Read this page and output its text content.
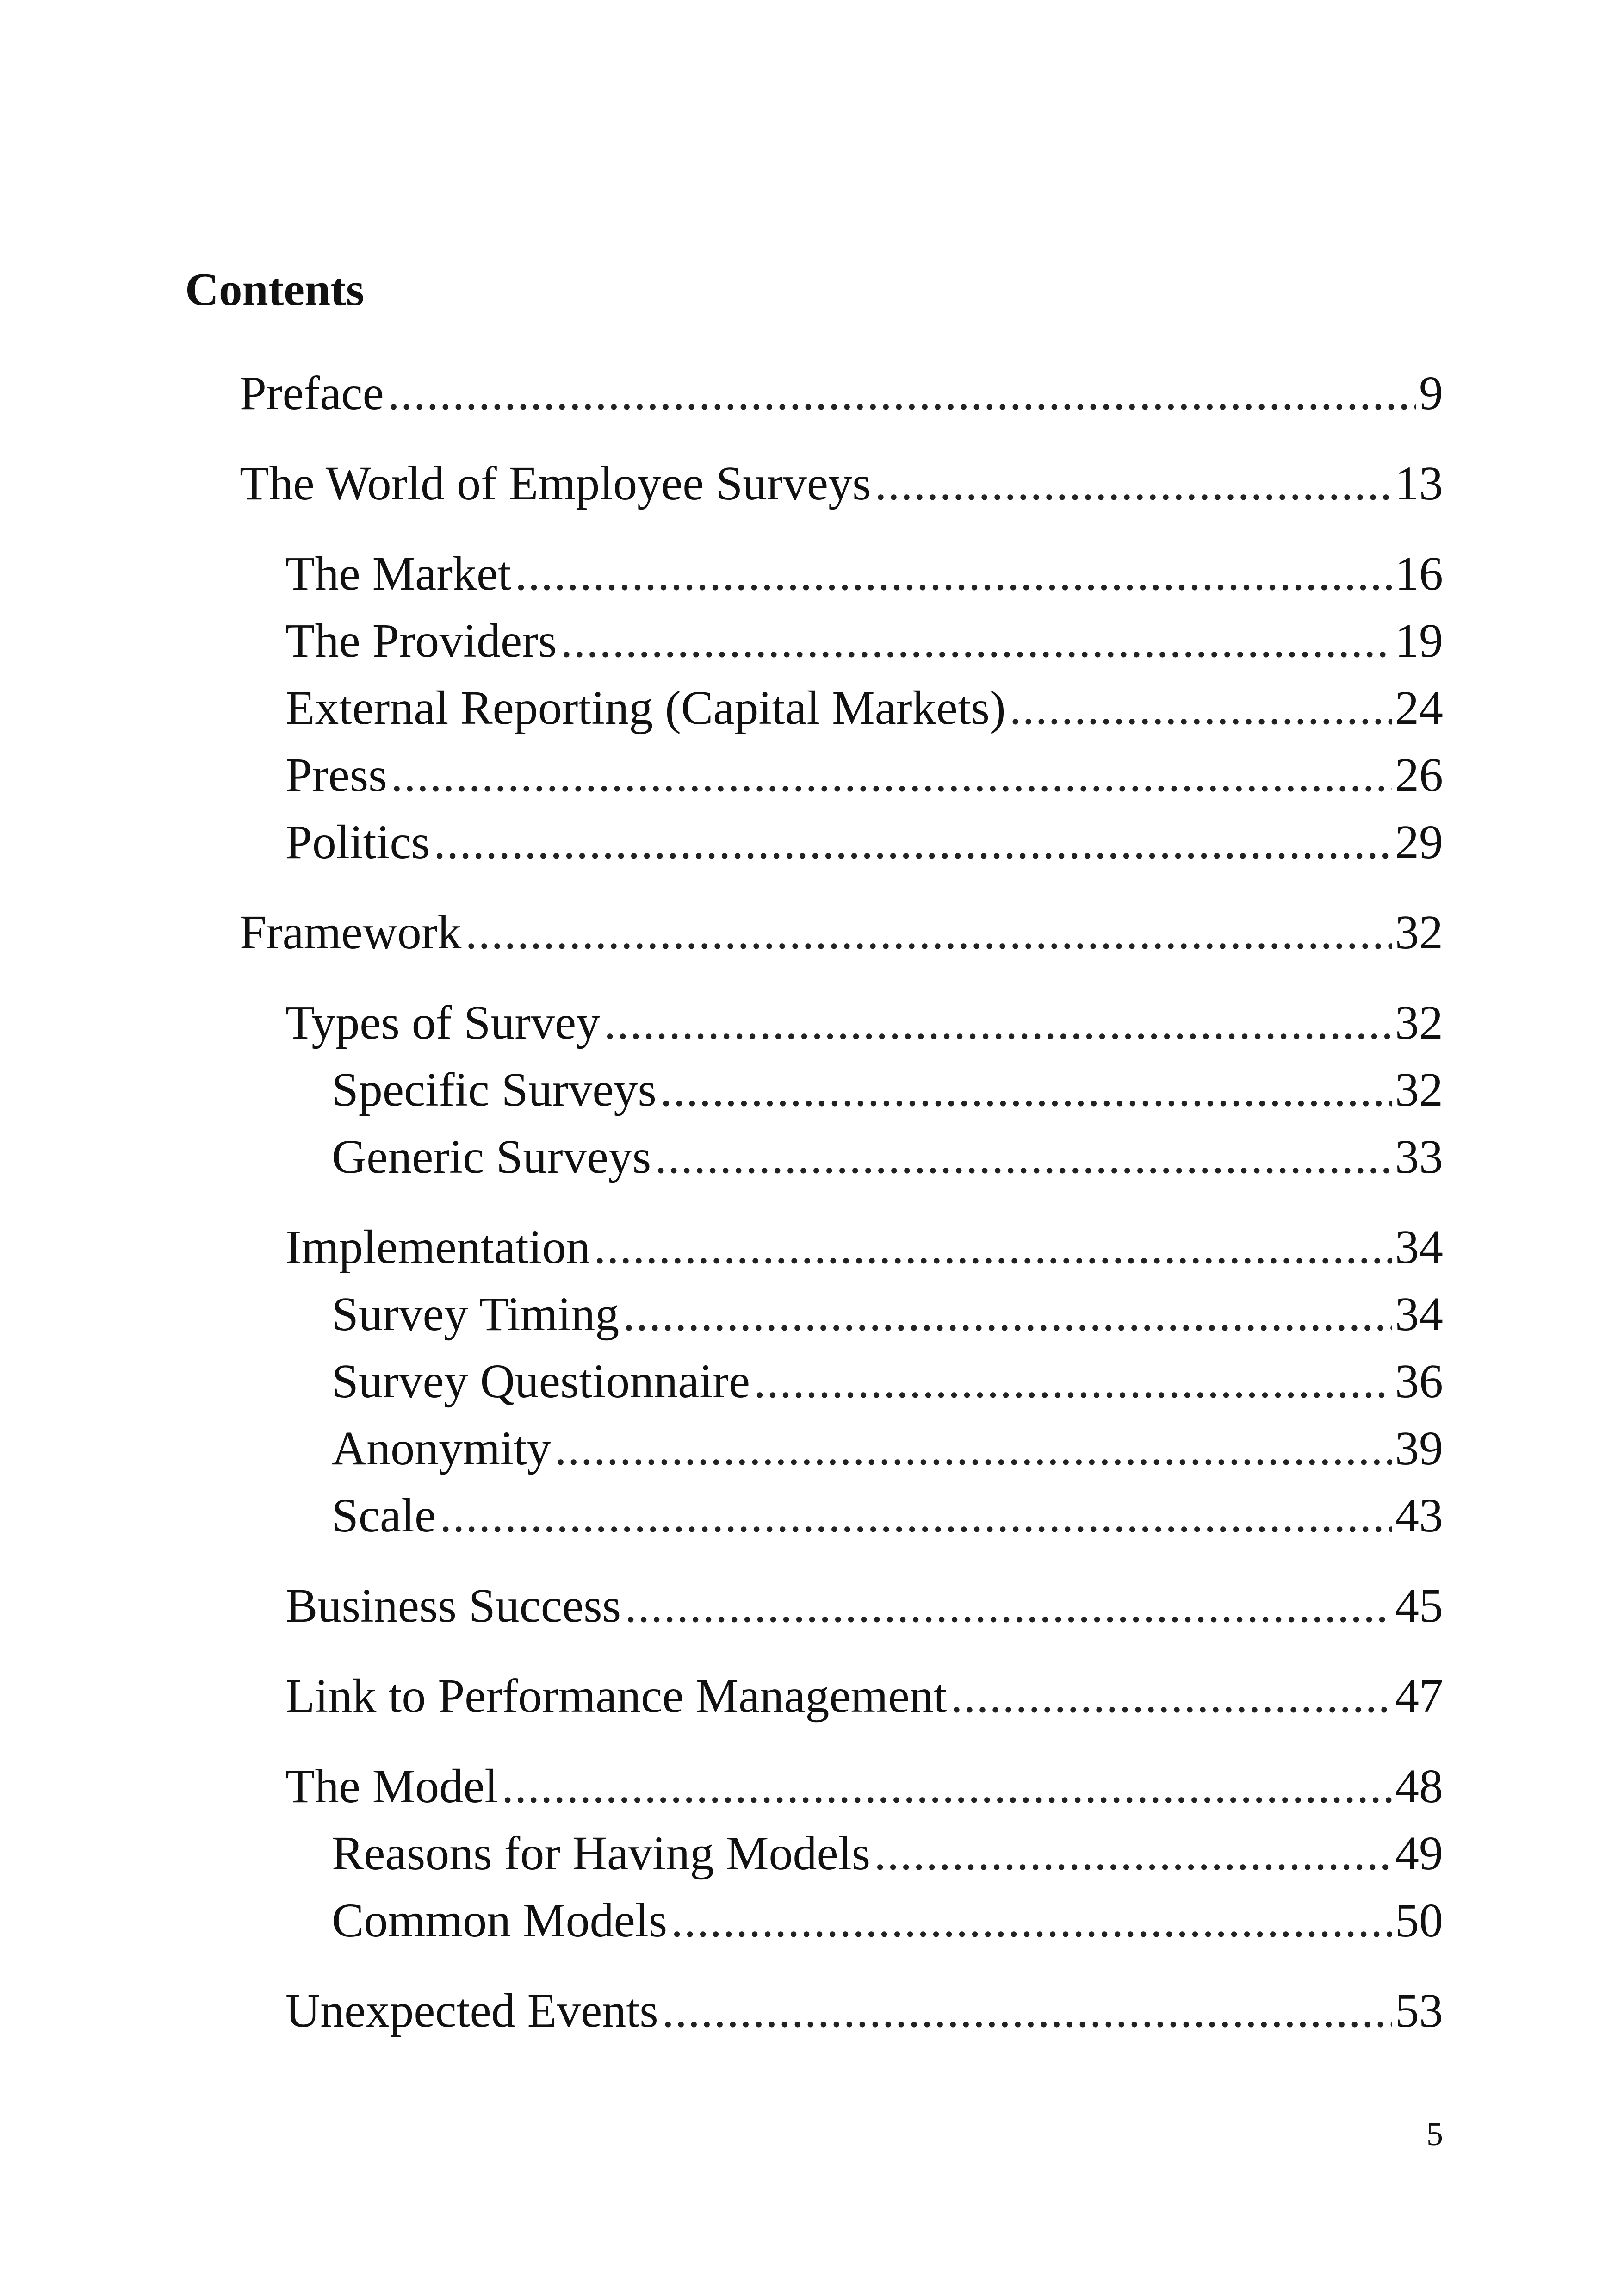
Contents
Preface .....	9
The World of Employee Surveys .....	13
The Market .....	16
The Providers .....	19
External Reporting (Capital Markets) .....	24
Press .....	26
Politics .....	29
Framework .....	32
Types of Survey .....	32
Specific Surveys .....	32
Generic Surveys .....	33
Implementation .....	34
Survey Timing .....	34
Survey Questionnaire .....	36
Anonymity .....	39
Scale .....	43
Business Success .....	45
Link to Performance Management .....	47
The Model .....	48
Reasons for Having Models .....	49
Common Models .....	50
Unexpected Events .....	53
5
